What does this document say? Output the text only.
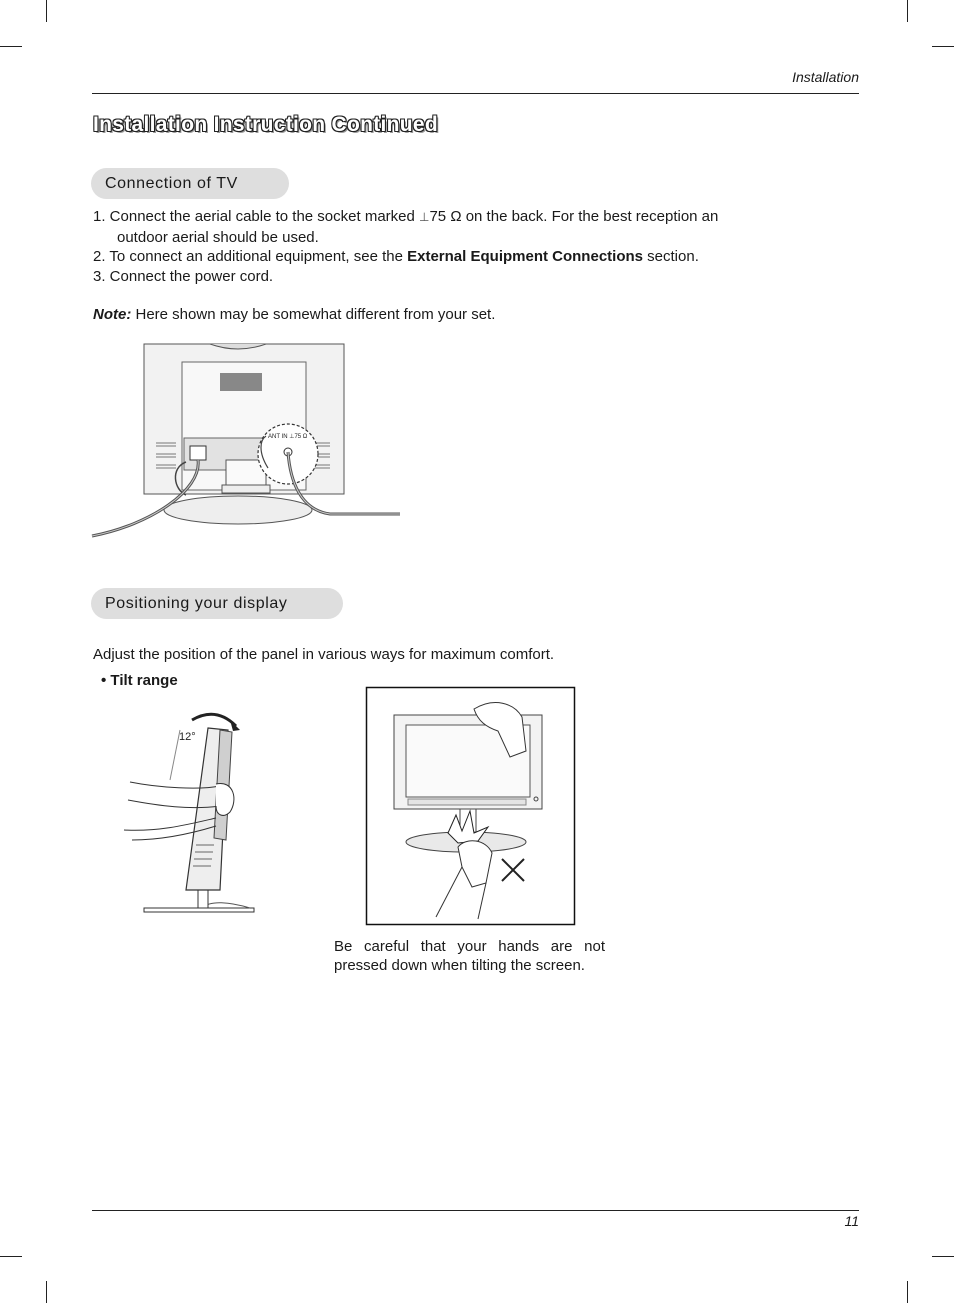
Installation
Installation Instruction Continued
Connection of TV
1. Connect the aerial cable to the socket marked ⊥75 Ω on the back. For the best reception an
outdoor aerial should be used.
2. To connect an additional equipment, see the External Equipment Connections section.
3. Connect the power cord.
Note: Here shown may be somewhat different from your set.
ANT IN ⊥75 Ω
Positioning your display
Adjust the position of the panel in various ways for maximum comfort.
• Tilt range
12°
Be careful that your hands are not
pressed down when tilting the screen.
11
